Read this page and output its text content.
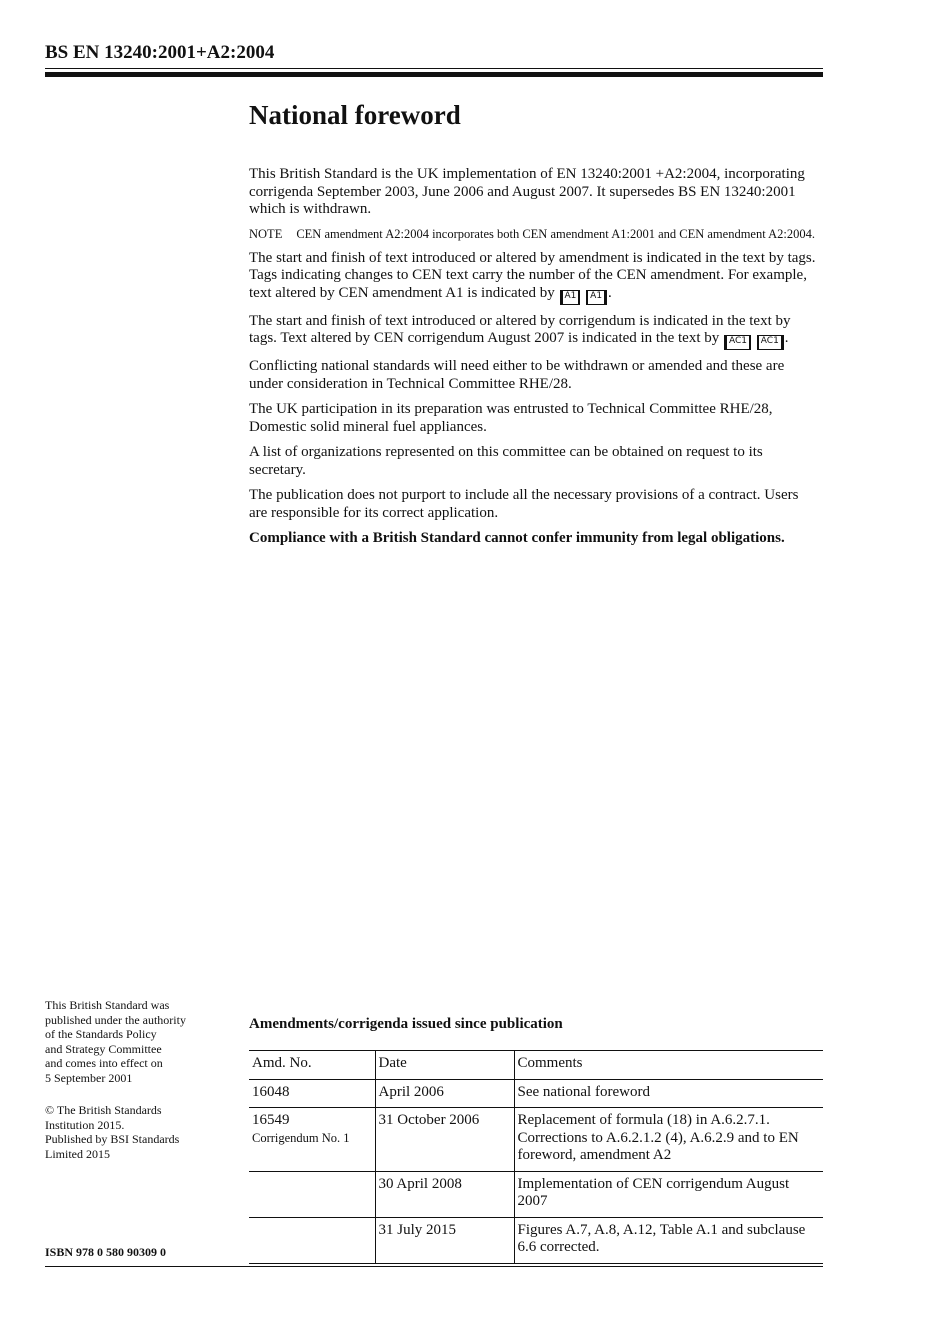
BS EN 13240:2001+A2:2004
National foreword

This British Standard is the UK implementation of EN 13240:2001 +A2:2004, incorporating corrigenda September 2003, June 2006 and August 2007. It supersedes BS EN 13240:2001 which is withdrawn.

NOTE CEN amendment A2:2004 incorporates both CEN amendment A1:2001 and CEN amendment A2:2004.

The start and finish of text introduced or altered by amendment is indicated in the text by tags. Tags indicating changes to CEN text carry the number of the CEN amendment. For example, text altered by CEN amendment A1 is indicated by A1 A1 .

The start and finish of text introduced or altered by corrigendum is indicated in the text by tags. Text altered by CEN corrigendum August 2007 is indicated in the text by AC1 AC1 .

Conflicting national standards will need either to be withdrawn or amended and these are under consideration in Technical Committee RHE/28.

The UK participation in its preparation was entrusted to Technical Committee RHE/28, Domestic solid mineral fuel appliances.

A list of organizations represented on this committee can be obtained on request to its secretary.

The publication does not purport to include all the necessary provisions of a contract. Users are responsible for its correct application.

Compliance with a British Standard cannot confer immunity from legal obligations.

This British Standard was
published under the authority
of the Standards Policy
and Strategy Committee
and comes into effect on
5 September 2001

© The British Standards
Institution 2015.
Published by BSI Standards
Limited 2015

ISBN 978 0 580 90309 0
Amendments/corrigenda issued since publication
Amd. No.	Date	Comments
16048	April 2006	See national foreword

16549
Corrigendum No. 1	31 October 2006	Replacement of formula (18) in A.6.2.7.1. Corrections to A.6.2.1.2 (4), A.6.2.9 and to EN foreword, amendment A2
	30 April 2008	Implementation of CEN corrigendum August 2007
	31 July 2015	Figures A.7, A.8, A.12, Table A.1 and subclause 6.6 corrected.
